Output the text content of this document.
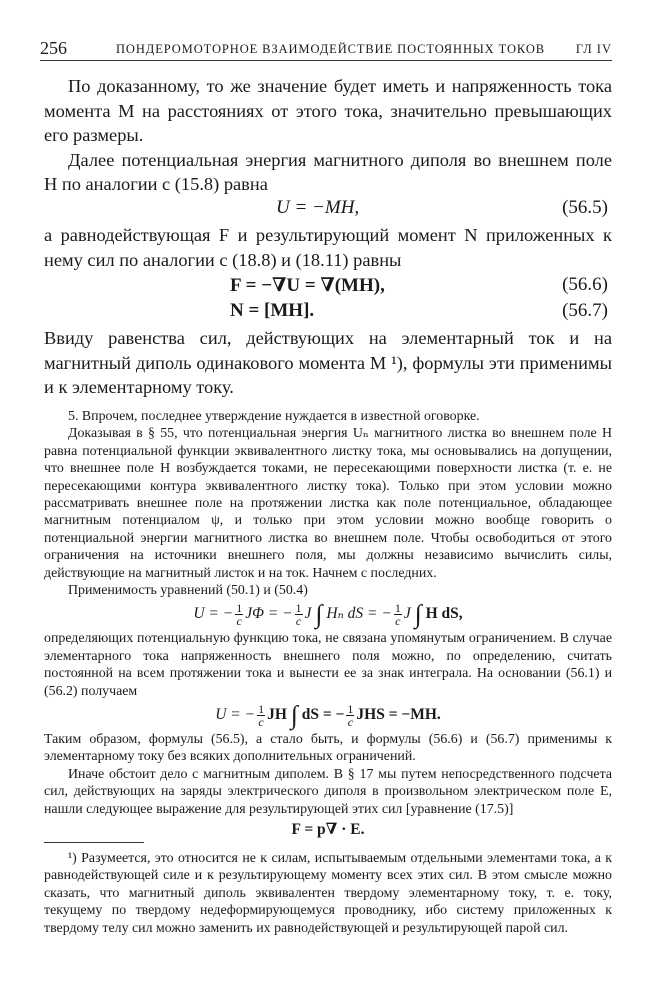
256	ПОНДЕРОМОТОРНОЕ ВЗАИМОДЕЙСТВИЕ ПОСТОЯННЫХ ТОКОВ ГЛ IV

По доказанному, то же значение будет иметь и напряженность тока момента M на расстояниях от этого тока, значительно превышающих его размеры.

Далее потенциальная энергия магнитного диполя во внешнем поле H по аналогии с (15.8) равна

U = −MH,	(56.5)

а равнодействующая F и результирующий момент N приложенных к нему сил по аналогии с (18.8) и (18.11) равны

F = −∇U = ∇(MH),	(56.6)
N = [MH].	(56.7)

Ввиду равенства сил, действующих на элементарный ток и на магнитный диполь одинакового момента M ¹), формулы эти применимы и к элементарному току.

5. Впрочем, последнее утверждение нуждается в известной оговорке.

Доказывая в § 55, что потенциальная энергия Uₙ магнитного листка во внешнем поле H равна потенциальной функции эквивалентного листку тока, мы основывались на допущении, что внешнее поле H возбуждается токами, не пересекающими поверхности листка (т. е. не пересекающими контура эквивалентного листку тока). Только при этом условии можно рассматривать внешнее поле на протяжении листка как поле потенциальное, обладающее магнитным потенциалом ψ, и только при этом условии можно вообще говорить о потенциальной энергии магнитного листка во внешнем поле. Чтобы освободиться от этого ограничения на источники внешнего поля, мы должны независимо вычислить силы, действующие на магнитный листок и на ток. Начнем с последних.

Применимость уравнений (50.1) и (50.4)

U = − $\frac{1}{c}$ JΦ = − $\frac{1}{c}$ J ∫ Hₙ dS = − $\frac{1}{c}$ J ∫ H dS,

определяющих потенциальную функцию тока, не связана упомянутым ограничением. В случае элементарного тока напряженность внешнего поля можно, по определению, считать постоянной на всем протяжении тока и вынести ее за знак интеграла. На основании (56.1) и (56.2) получаем

U = − $\frac{1}{c}$ JH ∫ dS = − $\frac{1}{c}$ JHS = −MH.

Таким образом, формулы (56.5), а стало быть, и формулы (56.6) и (56.7) применимы к элементарному току без всяких дополнительных ограничений.

Иначе обстоит дело с магнитным диполем. В § 17 мы путем непосредственного подсчета сил, действующих на заряды электрического диполя в произвольном электрическом поле E, нашли следующее выражение для результирующей этих сил [уравнение (17.5)]

F = p∇ · E.

¹) Разумеется, это относится не к силам, испытываемым отдельными элементами тока, а к равнодействующей силе и к результирующему моменту всех этих сил. В этом смысле можно сказать, что магнитный диполь эквивалентен твердому элементарному току, т. е. току, текущему по твердому недеформирующемуся проводнику, ибо систему приложенных к твердому телу сил можно заменить их равнодействующей и результирующей парой сил.
